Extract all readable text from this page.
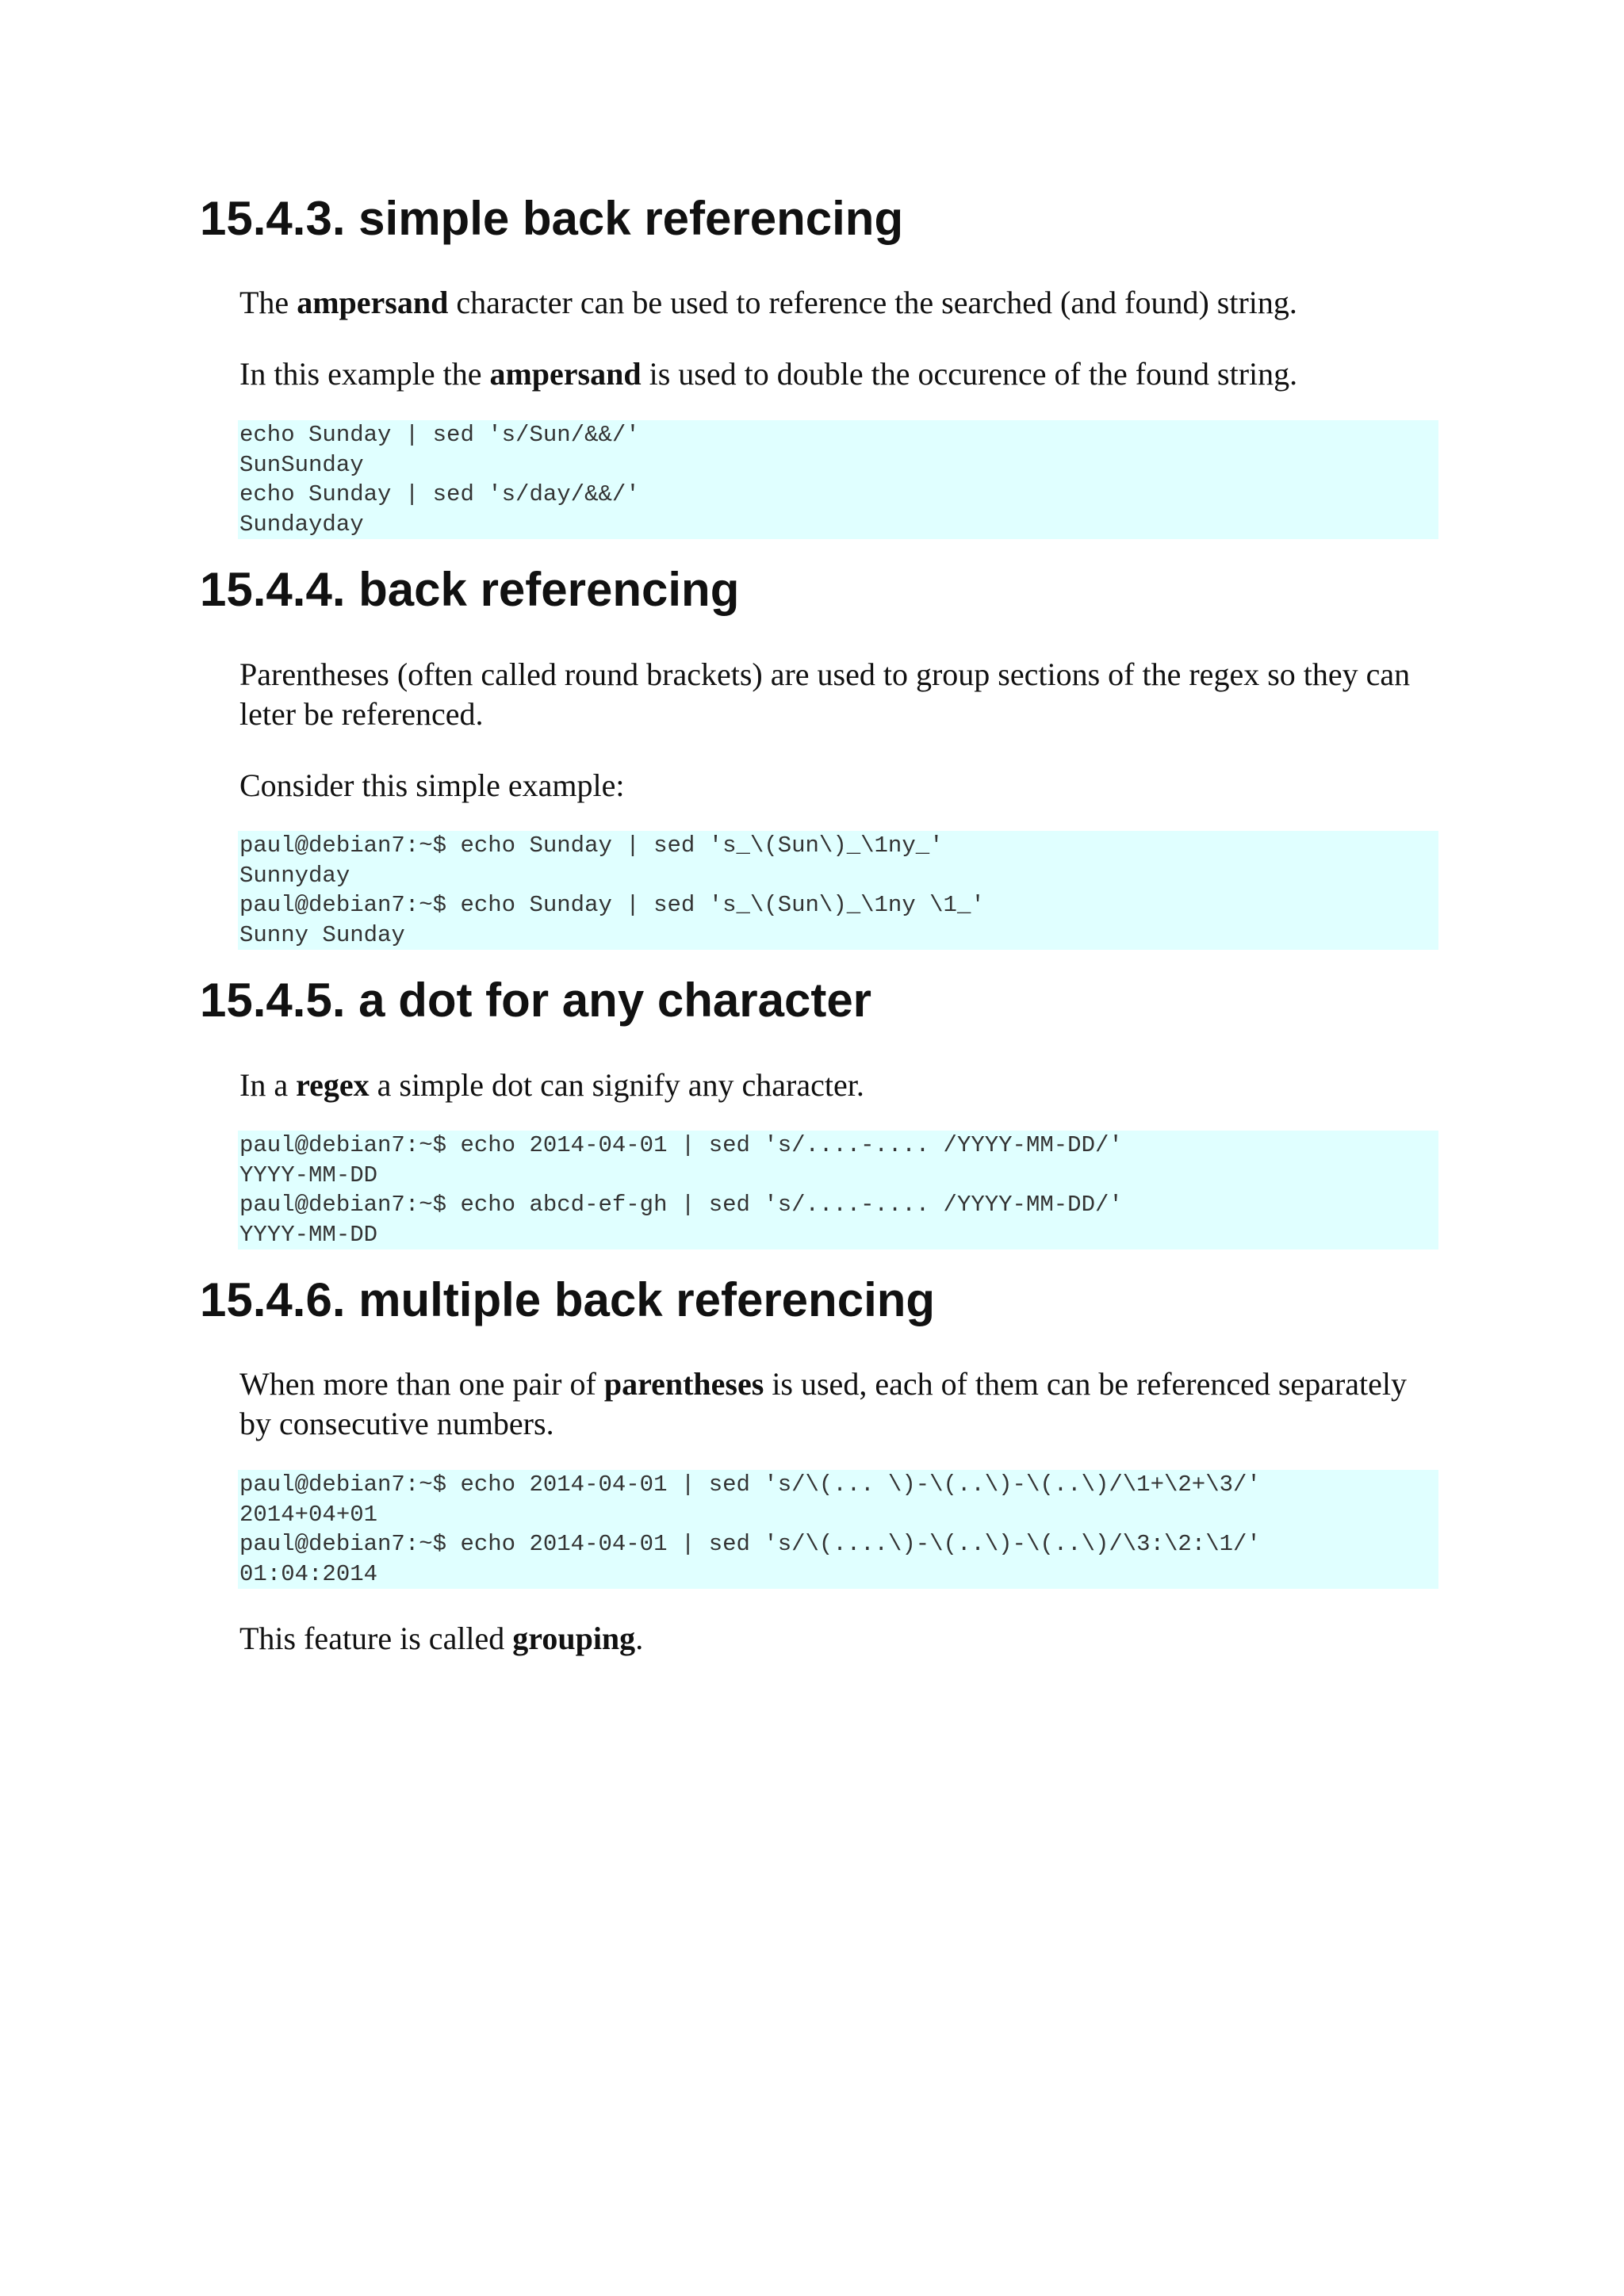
15.4.3. simple back referencing

The ampersand character can be used to reference the searched (and found) string.

In this example the ampersand is used to double the occurence of the found string.

echo Sunday | sed 's/Sun/&&/'
SunSunday
echo Sunday | sed 's/day/&&/'
Sundayday
15.4.4. back referencing

Parentheses (often called round brackets) are used to group sections of the regex so they can leter be referenced.

Consider this simple example:

paul@debian7:~$ echo Sunday | sed 's_\(Sun\)_\1ny_'
Sunnyday
paul@debian7:~$ echo Sunday | sed 's_\(Sun\)_\1ny \1_'
Sunny Sunday
15.4.5. a dot for any character

In a regex a simple dot can signify any character.

paul@debian7:~$ echo 2014-04-01 | sed 's/....-.... /YYYY-MM-DD/'
YYYY-MM-DD
paul@debian7:~$ echo abcd-ef-gh | sed 's/....-.... /YYYY-MM-DD/'
YYYY-MM-DD
15.4.6. multiple back referencing

When more than one pair of parentheses is used, each of them can be referenced separately by consecutive numbers.

paul@debian7:~$ echo 2014-04-01 | sed 's/\(... \)-\(..\)-\(..\)/\1+\2+\3/'
2014+04+01
paul@debian7:~$ echo 2014-04-01 | sed 's/\(....\)-\(..\)-\(..\)/\3:\2:\1/'
01:04:2014

This feature is called grouping.
